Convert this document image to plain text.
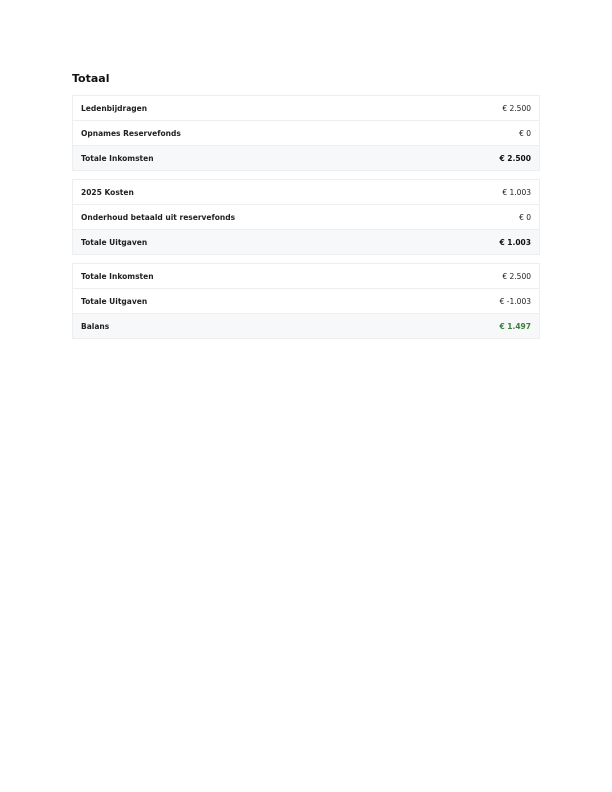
Totaal
Ledenbijdragen	€ 2.500
Opnames Reservefonds	€ 0
Totale Inkomsten	€ 2.500
2025 Kosten	€ 1.003
Onderhoud betaald uit reservefonds	€ 0
Totale Uitgaven	€ 1.003
Totale Inkomsten	€ 2.500
Totale Uitgaven	€ -1.003
Balans	€ 1.497
